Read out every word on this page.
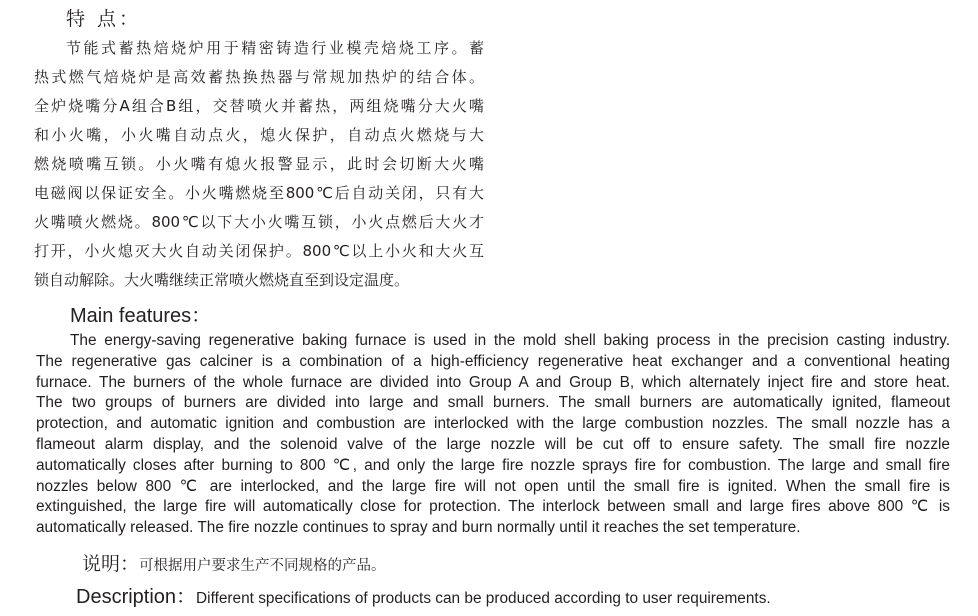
特 点：
节能式蓄热焙烧炉用于精密铸造行业模壳焙烧工序。蓄
热式燃气焙烧炉是高效蓄热换热器与常规加热炉的结合体。
全炉烧嘴分A组合B组，交替喷火并蓄热，两组烧嘴分大火嘴
和小火嘴，小火嘴自动点火，熄火保护，自动点火燃烧与大
燃烧喷嘴互锁。小火嘴有熄火报警显示，此时会切断大火嘴
电磁阀以保证安全。小火嘴燃烧至800℃后自动关闭，只有大
火嘴喷火燃烧。800℃以下大小火嘴互锁，小火点燃后大火才
打开，小火熄灭大火自动关闭保护。800℃以上小火和大火互
锁自动解除。大火嘴继续正常喷火燃烧直至到设定温度。
Main features：
The energy-saving regenerative baking furnace is used in the mold shell baking process in the precision casting industry.
The regenerative gas calciner is a combination of a high-efficiency regenerative heat exchanger and a conventional heating
furnace. The burners of the whole furnace are divided into Group A and Group B, which alternately inject fire and store heat.
The two groups of burners are divided into large and small burners. The small burners are automatically ignited, flameout
protection, and automatic ignition and combustion are interlocked with the large combustion nozzles. The small nozzle has a
flameout alarm display, and the solenoid valve of the large nozzle will be cut off to ensure safety. The small fire nozzle
automatically closes after burning to 800 ℃, and only the large fire nozzle sprays fire for combustion. The large and small fire
nozzles below 800 ℃ are interlocked, and the large fire will not open until the small fire is ignited. When the small fire is
extinguished, the large fire will automatically close for protection. The interlock between small and large fires above 800 ℃ is
automatically released. The fire nozzle continues to spray and burn normally until it reaches the set temperature.
说明：可根据用户要求生产不同规格的产品。
Description：Different specifications of products can be produced according to user requirements.
